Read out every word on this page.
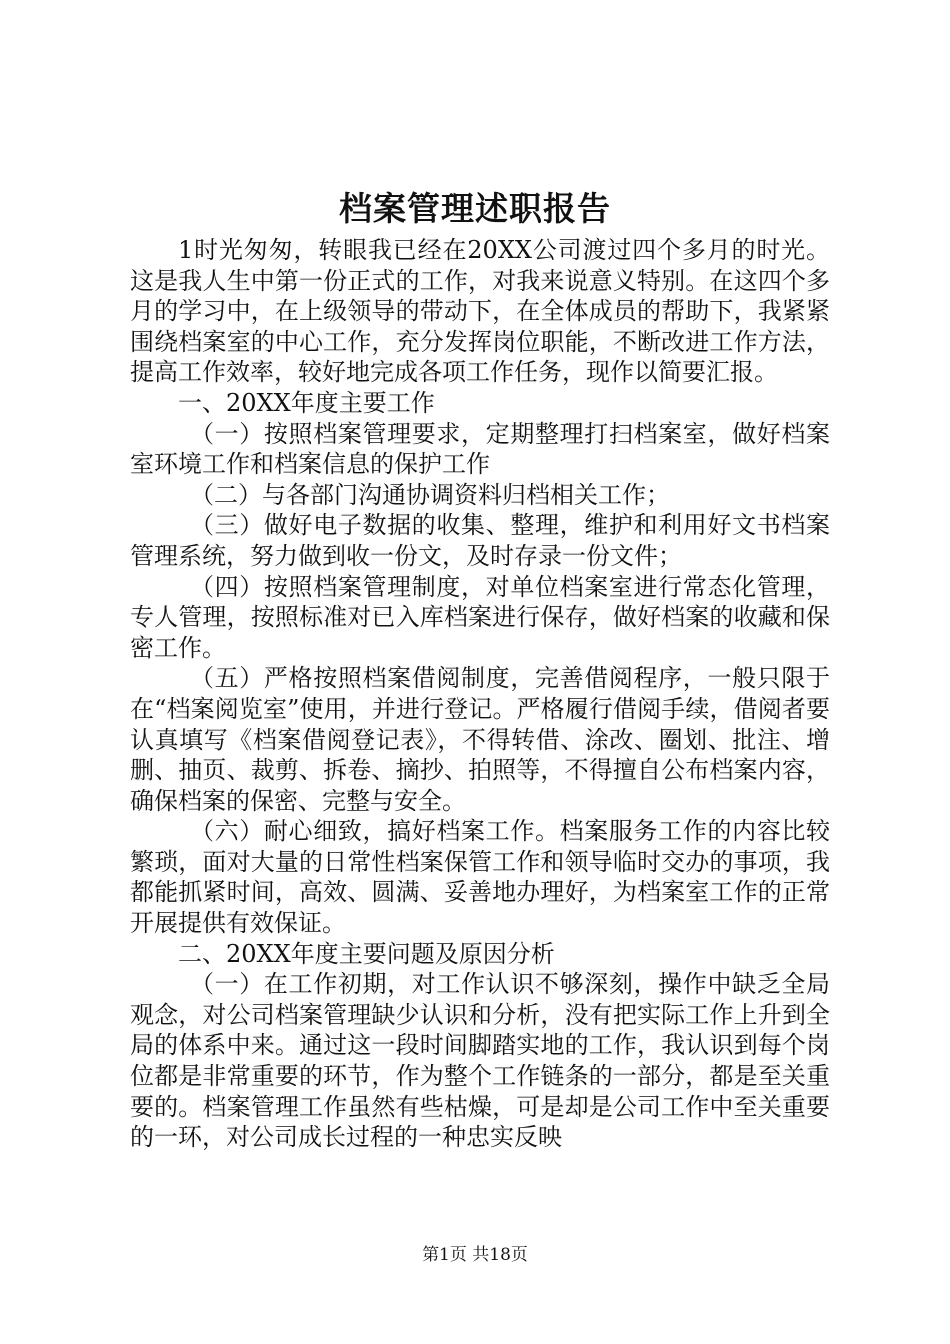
档案管理述职报告

1时光匆匆，转眼我已经在20XX公司渡过四个多月的时光。这是我人生中第一份正式的工作，对我来说意义特别。在这四个多月的学习中，在上级领导的带动下，在全体成员的帮助下，我紧紧围绕档案室的中心工作，充分发挥岗位职能，不断改进工作方法，提高工作效率，较好地完成各项工作任务，现作以简要汇报。

一、20XX年度主要工作

（一）按照档案管理要求，定期整理打扫档案室，做好档案室环境工作和档案信息的保护工作

（二）与各部门沟通协调资料归档相关工作；

（三）做好电子数据的收集、整理，维护和利用好文书档案管理系统，努力做到收一份文，及时存录一份文件；

（四）按照档案管理制度，对单位档案室进行常态化管理，专人管理，按照标准对已入库档案进行保存，做好档案的收藏和保密工作。

（五）严格按照档案借阅制度，完善借阅程序，一般只限于在“档案阅览室”使用，并进行登记。严格履行借阅手续，借阅者要认真填写《档案借阅登记表》，不得转借、涂改、圈划、批注、增删、抽页、裁剪、拆卷、摘抄、拍照等，不得擅自公布档案内容，确保档案的保密、完整与安全。

（六）耐心细致，搞好档案工作。档案服务工作的内容比较繁琐，面对大量的日常性档案保管工作和领导临时交办的事项，我都能抓紧时间，高效、圆满、妥善地办理好，为档案室工作的正常开展提供有效保证。

二、20XX年度主要问题及原因分析

（一）在工作初期，对工作认识不够深刻，操作中缺乏全局观念，对公司档案管理缺少认识和分析，没有把实际工作上升到全局的体系中来。通过这一段时间脚踏实地的工作，我认识到每个岗位都是非常重要的环节，作为整个工作链条的一部分，都是至关重要的。档案管理工作虽然有些枯燥，可是却是公司工作中至关重要的一环，对公司成长过程的一种忠实反映

第1页 共18页
